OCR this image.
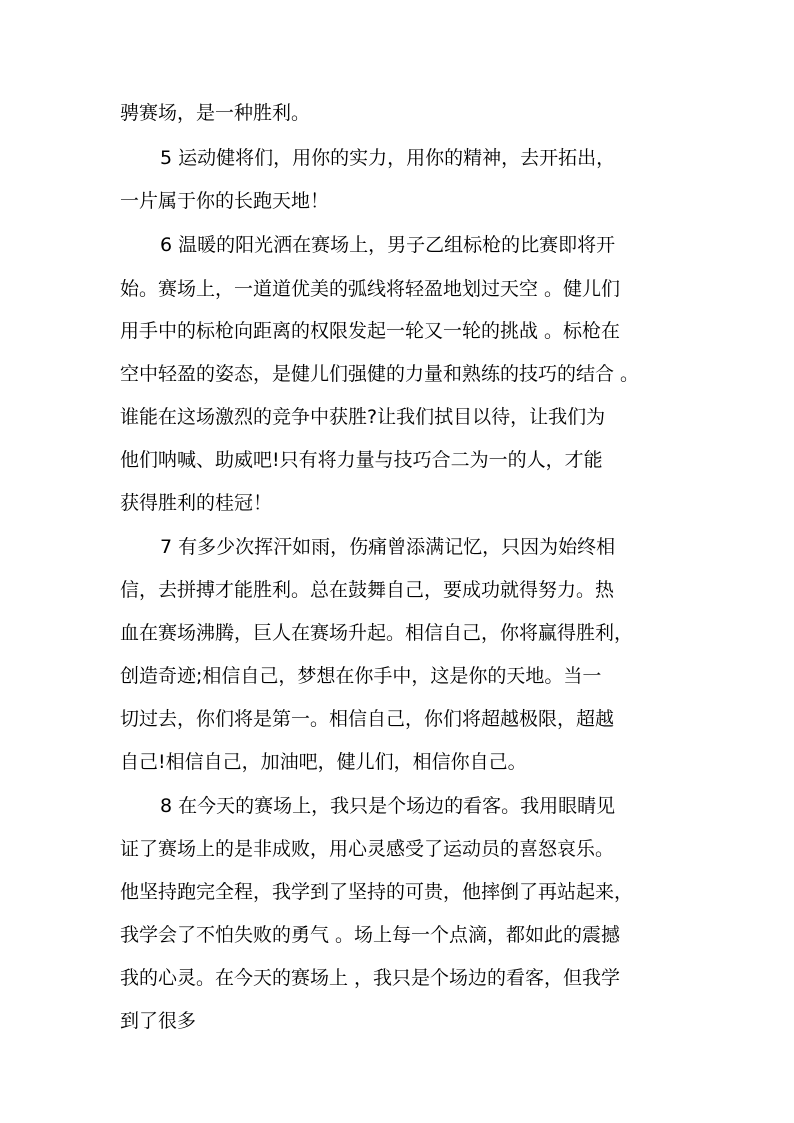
骋赛场，是一种胜利。
5 运动健将们，用你的实力，用你的精神，去开拓出，
一片属于你的长跑天地！
6 温暖的阳光洒在赛场上，男子乙组标枪的比赛即将开
始。赛场上，一道道优美的弧线将轻盈地划过天空 。健儿们
用手中的标枪向距离的权限发起一轮又一轮的挑战 。标枪在
空中轻盈的姿态，是健儿们强健的力量和熟练的技巧的结合 。
谁能在这场激烈的竞争中获胜?让我们拭目以待，让我们为
他们呐喊、助威吧!只有将力量与技巧合二为一的人，才能
获得胜利的桂冠！
7 有多少次挥汗如雨，伤痛曾添满记忆，只因为始终相
信，去拼搏才能胜利。总在鼓舞自己，要成功就得努力。热
血在赛场沸腾，巨人在赛场升起。相信自己，你将赢得胜利，
创造奇迹;相信自己，梦想在你手中，这是你的天地。当一
切过去，你们将是第一。相信自己，你们将超越极限，超越
自己!相信自己，加油吧，健儿们，相信你自己。
8 在今天的赛场上，我只是个场边的看客。我用眼睛见
证了赛场上的是非成败，用心灵感受了运动员的喜怒哀乐。
他坚持跑完全程，我学到了坚持的可贵，他摔倒了再站起来，
我学会了不怕失败的勇气 。场上每一个点滴，都如此的震撼
我的心灵。在今天的赛场上 ，我只是个场边的看客，但我学
到了很多
